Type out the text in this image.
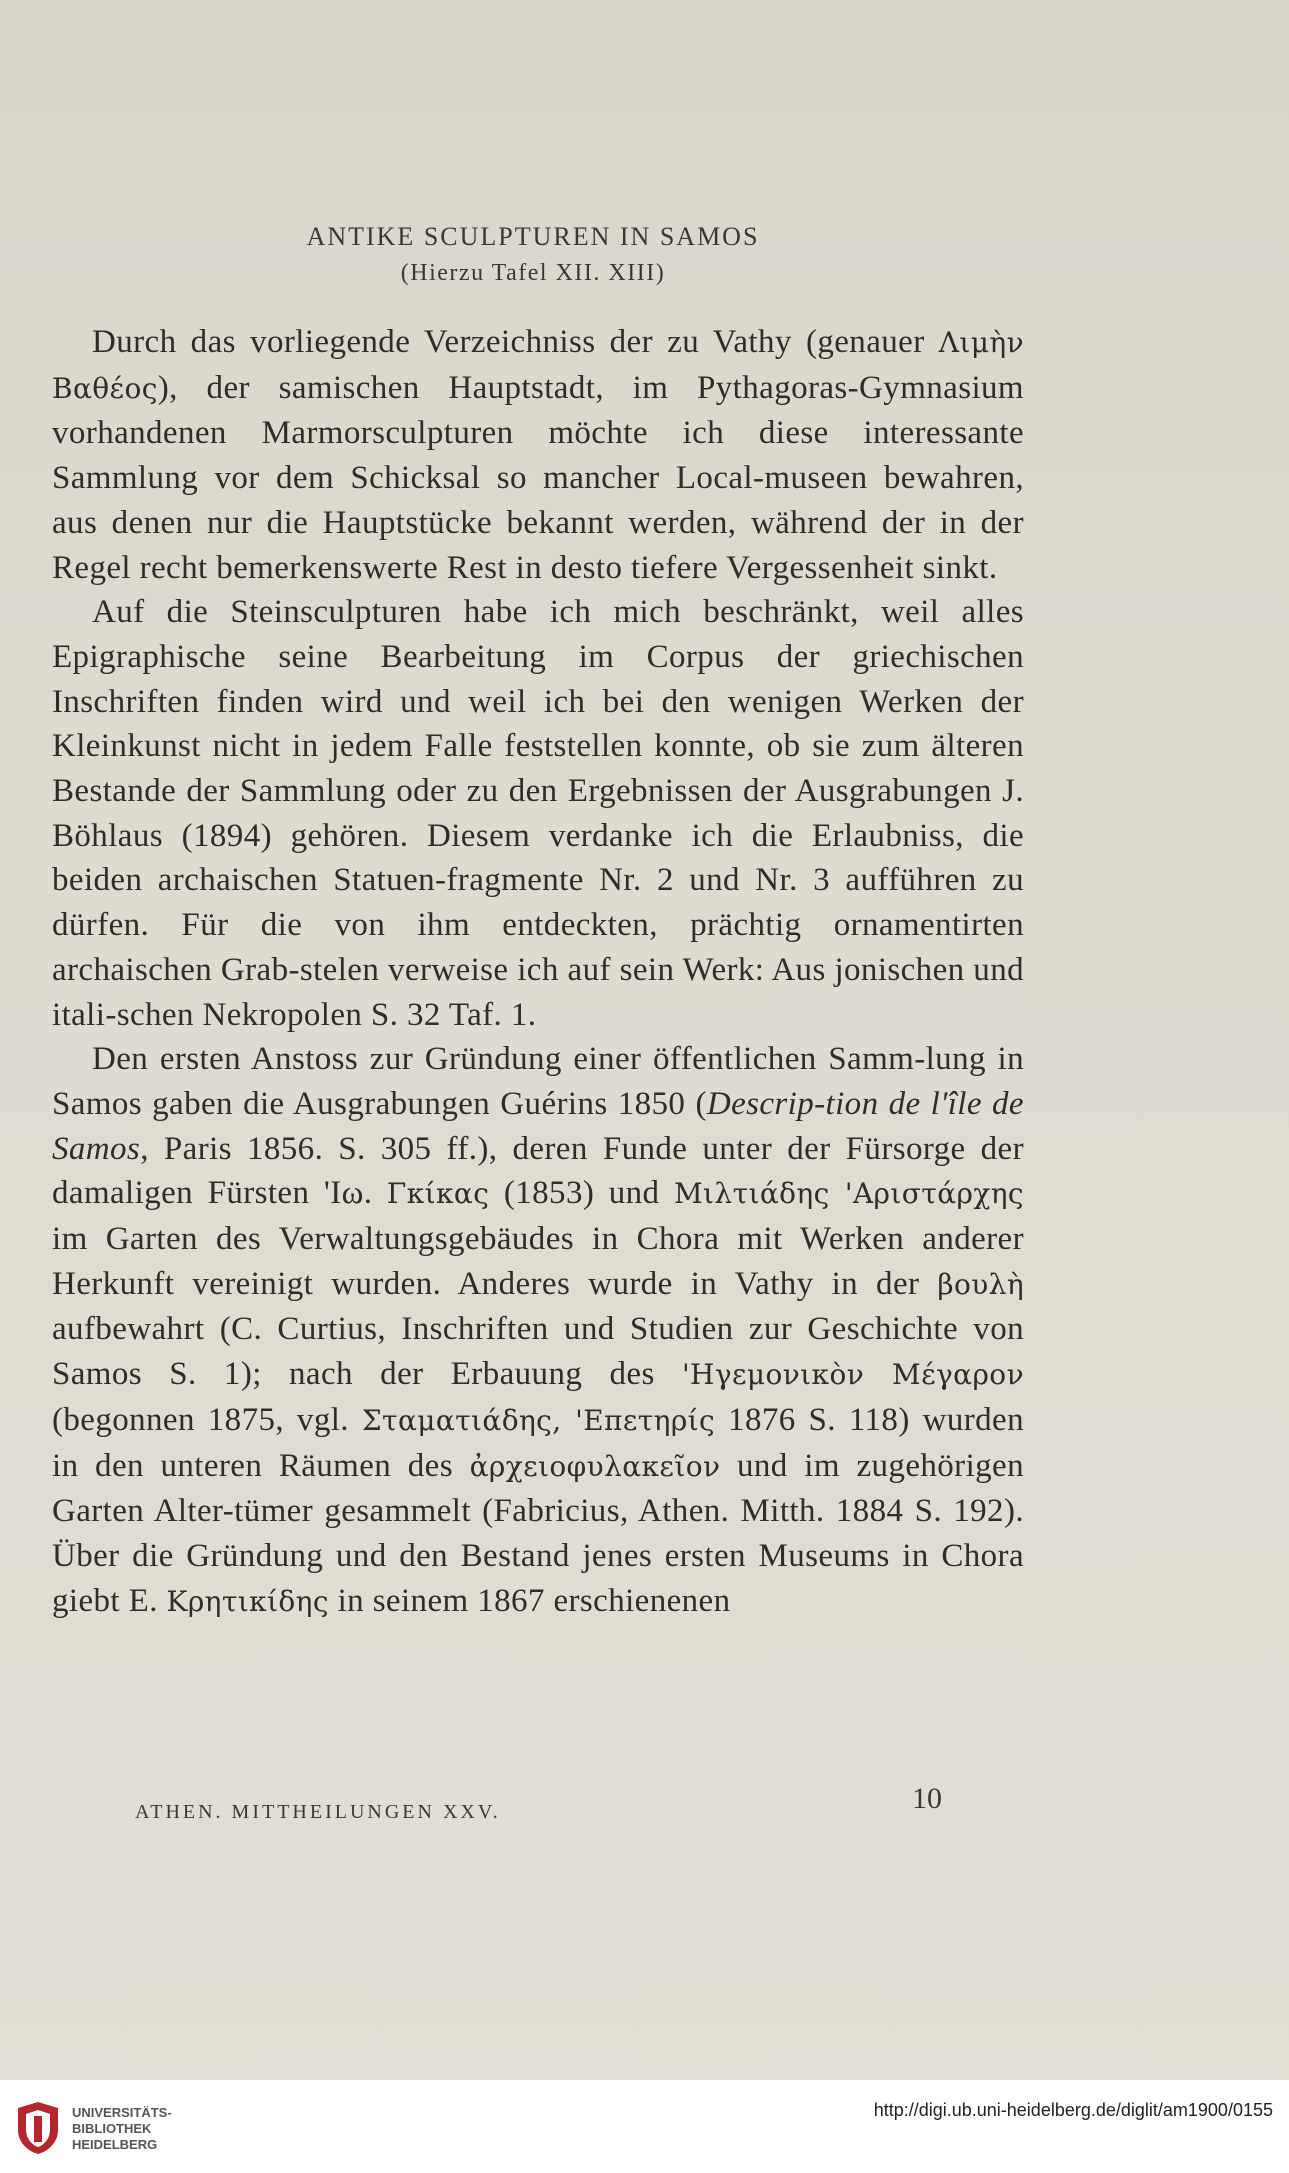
ANTIKE SCULPTUREN IN SAMOS
(Hierzu Tafel XII. XIII)

Durch das vorliegende Verzeichniss der zu Vathy (genauer Λιμὴν Βαθέος), der samischen Hauptstadt, im Pythagoras-Gymnasium vorhandenen Marmorsculpturen möchte ich diese interessante Sammlung vor dem Schicksal so mancher Local-museen bewahren, aus denen nur die Hauptstücke bekannt werden, während der in der Regel recht bemerkenswerte Rest in desto tiefere Vergessenheit sinkt.

Auf die Steinsculpturen habe ich mich beschränkt, weil alles Epigraphische seine Bearbeitung im Corpus der griechischen Inschriften finden wird und weil ich bei den wenigen Werken der Kleinkunst nicht in jedem Falle feststellen konnte, ob sie zum älteren Bestande der Sammlung oder zu den Ergebnissen der Ausgrabungen J. Böhlaus (1894) gehören. Diesem verdanke ich die Erlaubniss, die beiden archaischen Statuen-fragmente Nr. 2 und Nr. 3 aufführen zu dürfen. Für die von ihm entdeckten, prächtig ornamentirten archaischen Grab-stelen verweise ich auf sein Werk: Aus jonischen und itali-schen Nekropolen S. 32 Taf. 1.

Den ersten Anstoss zur Gründung einer öffentlichen Samm-lung in Samos gaben die Ausgrabungen Guérins 1850 (Descrip-tion de l'île de Samos, Paris 1856. S. 305 ff.), deren Funde unter der Fürsorge der damaligen Fürsten 'Iω. Γκίκας (1853) und Μιλτιάδης 'Αριστάρχης im Garten des Verwaltungsgebäudes in Chora mit Werken anderer Herkunft vereinigt wurden. Anderes wurde in Vathy in der βουλὴ aufbewahrt (C. Curtius, Inschriften und Studien zur Geschichte von Samos S. 1); nach der Erbauung des 'Ηγεμονικὸν Μέγαρον (begonnen 1875, vgl. Σταματιάδης, 'Επετηρίς 1876 S. 118) wurden in den unteren Räumen des ἀρχειοφυλακεῖον und im zugehörigen Garten Alter-tümer gesammelt (Fabricius, Athen. Mitth. 1884 S. 192). Über die Gründung und den Bestand jenes ersten Museums in Chora giebt E. Κρητικίδης in seinem 1867 erschienenen

ATHEN. MITTHEILUNGEN XXV.	10
UNIVERSITÄTS-
BIBLIOTHEK
HEIDELBERG
http://digi.ub.uni-heidelberg.de/diglit/am1900/0155
